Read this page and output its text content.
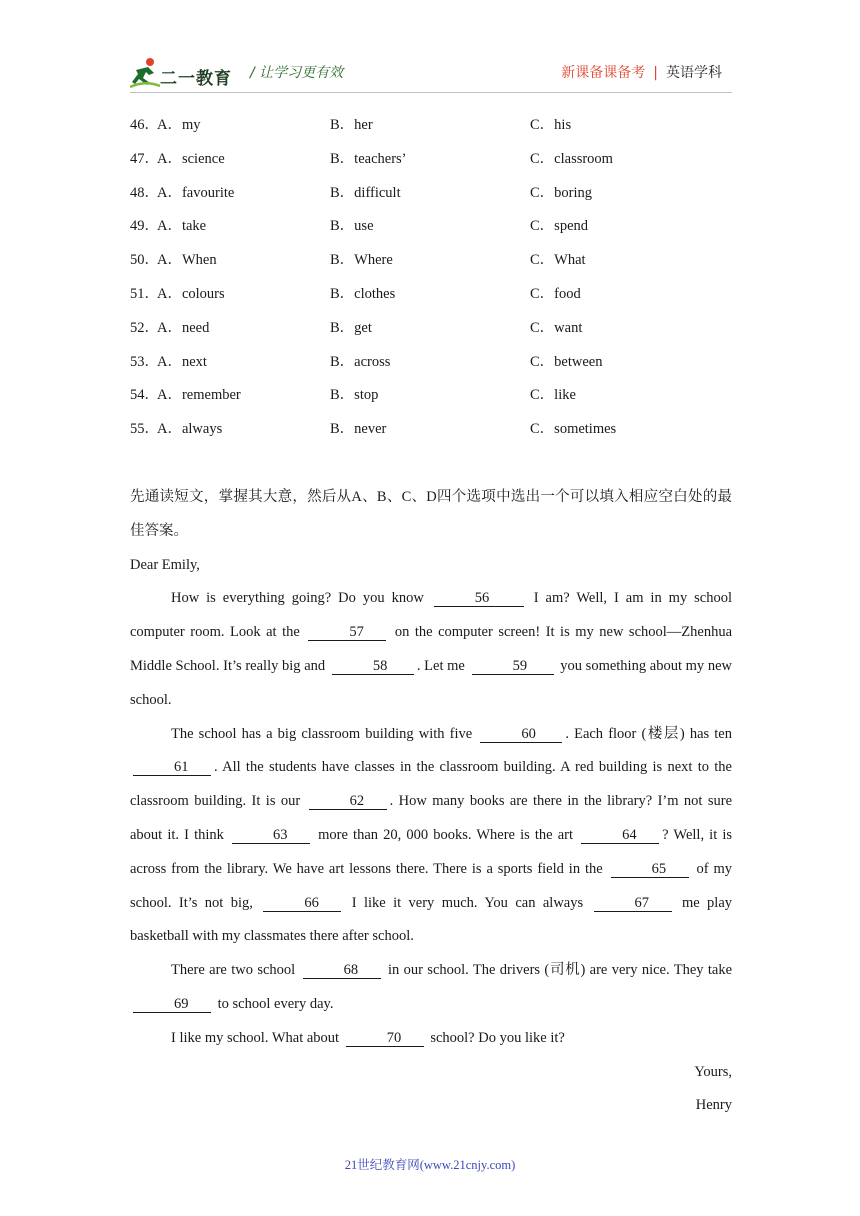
二一教育 / 让学习更有效	新课备课备考 | 英语学科
46．
A．my	B．her	C．his
47．
A．science	B．teachers’	C．classroom
48．
A．favourite	B．difficult	C．boring
49．
A．take	B．use	C．spend
50．
A．When	B．Where	C．What
51．
A．colours	B．clothes	C．food
52．
A．need	B．get	C．want
53．
A．next	B．across	C．between
54．
A．remember	B．stop	C．like
55．
A．always	B．never	C．sometimes

先通读短文，掌握其大意，然后从A、B、C、D四个选项中选出一个可以填入相应空白处的最佳答案。

Dear Emily,

How is everything going? Do you know	56	I am? Well, I am in my school computer room. Look at the	57 on the computer screen! It is my new school—Zhenhua Middle School. It’s really big and	58 . Let me	59 you something about my new school.

The school has a big classroom building with five	60 . Each floor (楼层) has ten 61 . All the students have classes in the classroom building. A red building is next to the classroom building. It is our	62 . How many books are there in the library? I’m not sure about it. I think	63 more than 20, 000 books. Where is the art	64 ? Well, it is across from the library. We have art lessons there. There is a sports field in the	65 of my school. It’s not big,	66 I like it very much. You can always	67 me play basketball with my classmates there after school.

There are two school	68 in our school. The drivers (司机) are very nice. They take 69 to school every day.

I like my school. What about	70 school? Do you like it?

Yours,

Henry

21世纪教育网(www.21cnjy.com)
